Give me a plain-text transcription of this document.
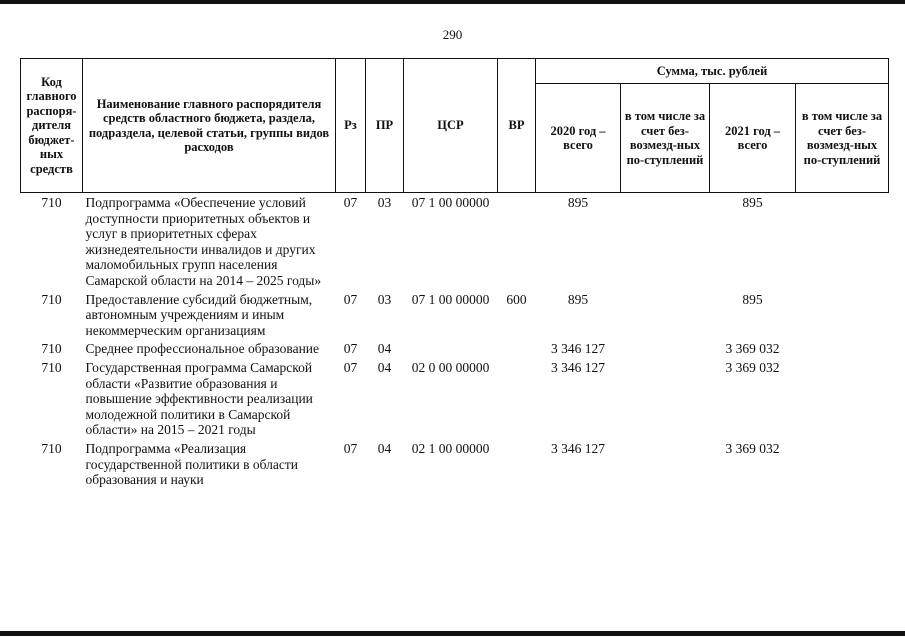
290
Код главного распоря-дителя бюджет-ных средств	Наименование главного распорядителя средств областного бюджета, раздела, подраздела, целевой статьи, группы видов расходов	Рз	ПР	ЦСР	ВР	Сумма, тыс. рублей			
						2020 год – всего	в том числе за счет без-возмезд-ных по-ступлений	2021 год – всего	в том числе за счет без-возмезд-ных по-ступлений
710	Подпрограмма «Обеспечение условий доступности приоритетных объектов и услуг в приоритетных сферах жизнедеятельности инвалидов и других маломобильных групп населения Самарской области на 2014 – 2025 годы»	07	03	07 1 00 00000		895		895	
710	Предоставление субсидий бюджетным, автономным учреждениям и иным некоммерческим организациям	07	03	07 1 00 00000	600	895		895	
710	Среднее профессиональное образование	07	04			3 346 127		3 369 032	
710	Государственная программа Самарской области «Развитие образования и повышение эффективности реализации молодежной политики в Самарской области» на 2015 – 2021 годы	07	04	02 0 00 00000		3 346 127		3 369 032	
710	Подпрограмма «Реализация государственной политики в области образования и науки	07	04	02 1 00 00000		3 346 127		3 369 032	
